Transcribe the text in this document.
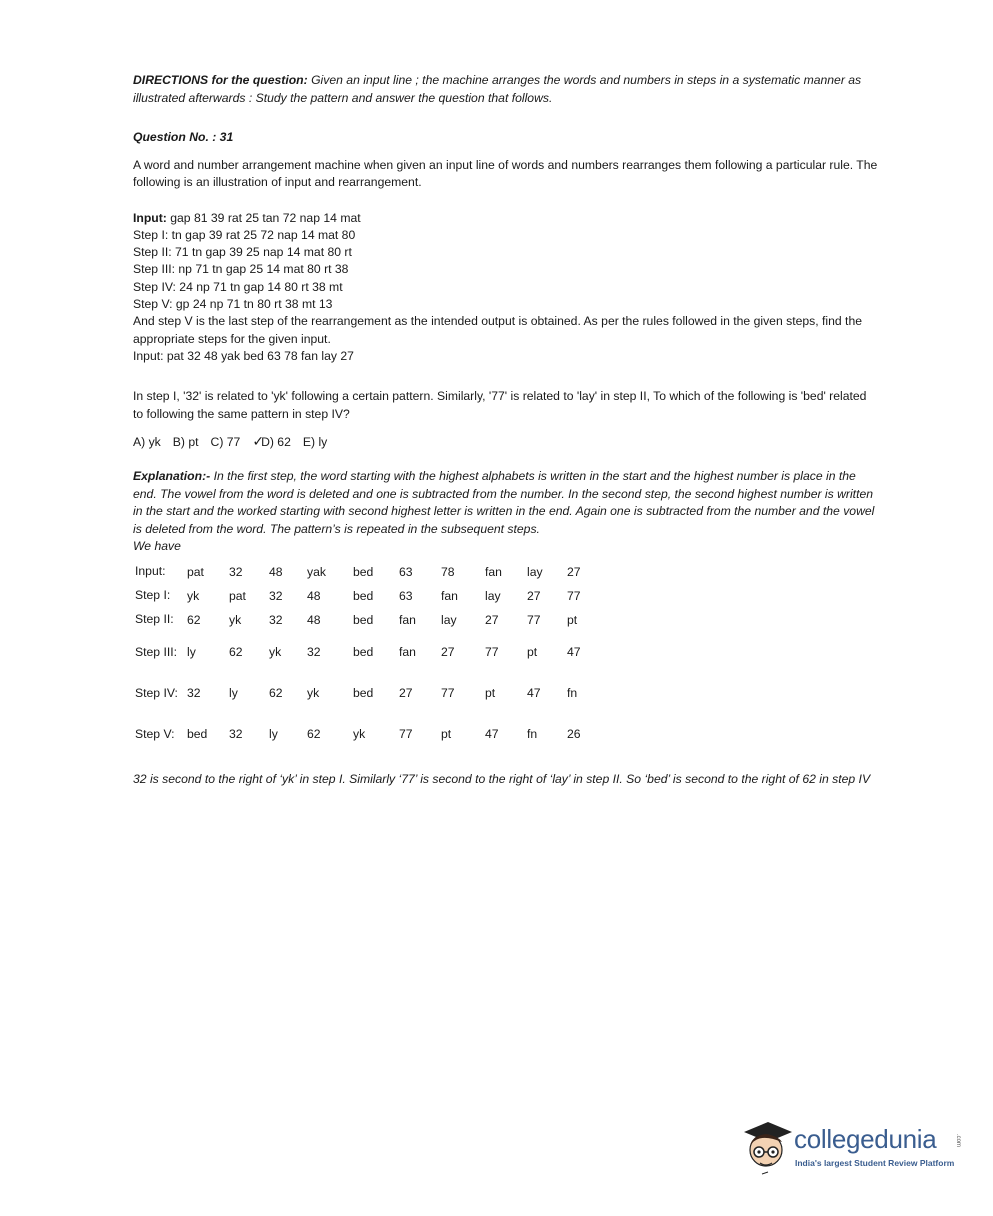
DIRECTIONS for the question: Given an input line ; the machine arranges the words and numbers in steps in a systematic manner as illustrated afterwards : Study the pattern and answer the question that follows.

Question No. : 31

A word and number arrangement machine when given an input line of words and numbers rearranges them following a particular rule. The following is an illustration of input and rearrangement.

Input: gap 81 39 rat 25 tan 72 nap 14 mat

Step I: tn gap 39 rat 25 72 nap 14 mat 80

Step II: 71 tn gap 39 25 nap 14 mat 80 rt

Step III: np 71 tn gap 25 14 mat 80 rt 38

Step IV: 24 np 71 tn gap 14 80 rt 38 mt

Step V: gp 24 np 71 tn 80 rt 38 mt 13

And step V is the last step of the rearrangement as the intended output is obtained. As per the rules followed in the given steps, find the appropriate steps for the given input.

Input: pat 32 48 yak bed 63 78 fan lay 27

In step I, '32' is related to 'yk' following a certain pattern. Similarly, '77' is related to 'lay' in step II, To which of the following is 'bed' related to following the same pattern in step IV?

A) yk B) pt C) 77 ✓D) 62 E) ly

Explanation:- In the first step, the word starting with the highest alphabets is written in the start and the highest number is place in the end. The vowel from the word is deleted and one is subtracted from the number. In the second step, the second highest number is written in the start and the worked starting with second highest letter is written in the end. Again one is subtracted from the number and the vowel is deleted from the word. The pattern’s is repeated in the subsequent steps.

We have

Input:	pat	32	48	yak	bed	63	78	fan	lay	27
Step I:	yk	pat	32	48	bed	63	fan	lay	27	77
Step II:	62	yk	32	48	bed	fan	lay	27	77	pt
Step III:	ly	62	yk	32	bed	fan	27	77	pt	47
Step IV:	32	ly	62	yk	bed	27	77	pt	47	fn
Step V:	bed	32	ly	62	yk	77	pt	47	fn	26

32 is second to the right of ‘yk’ in step I. Similarly ‘77’ is second to the right of ‘lay’ in step II. So ‘bed’ is second to the right of 62 in step IV

collegedunia	.com
India's largest Student Review Platform
